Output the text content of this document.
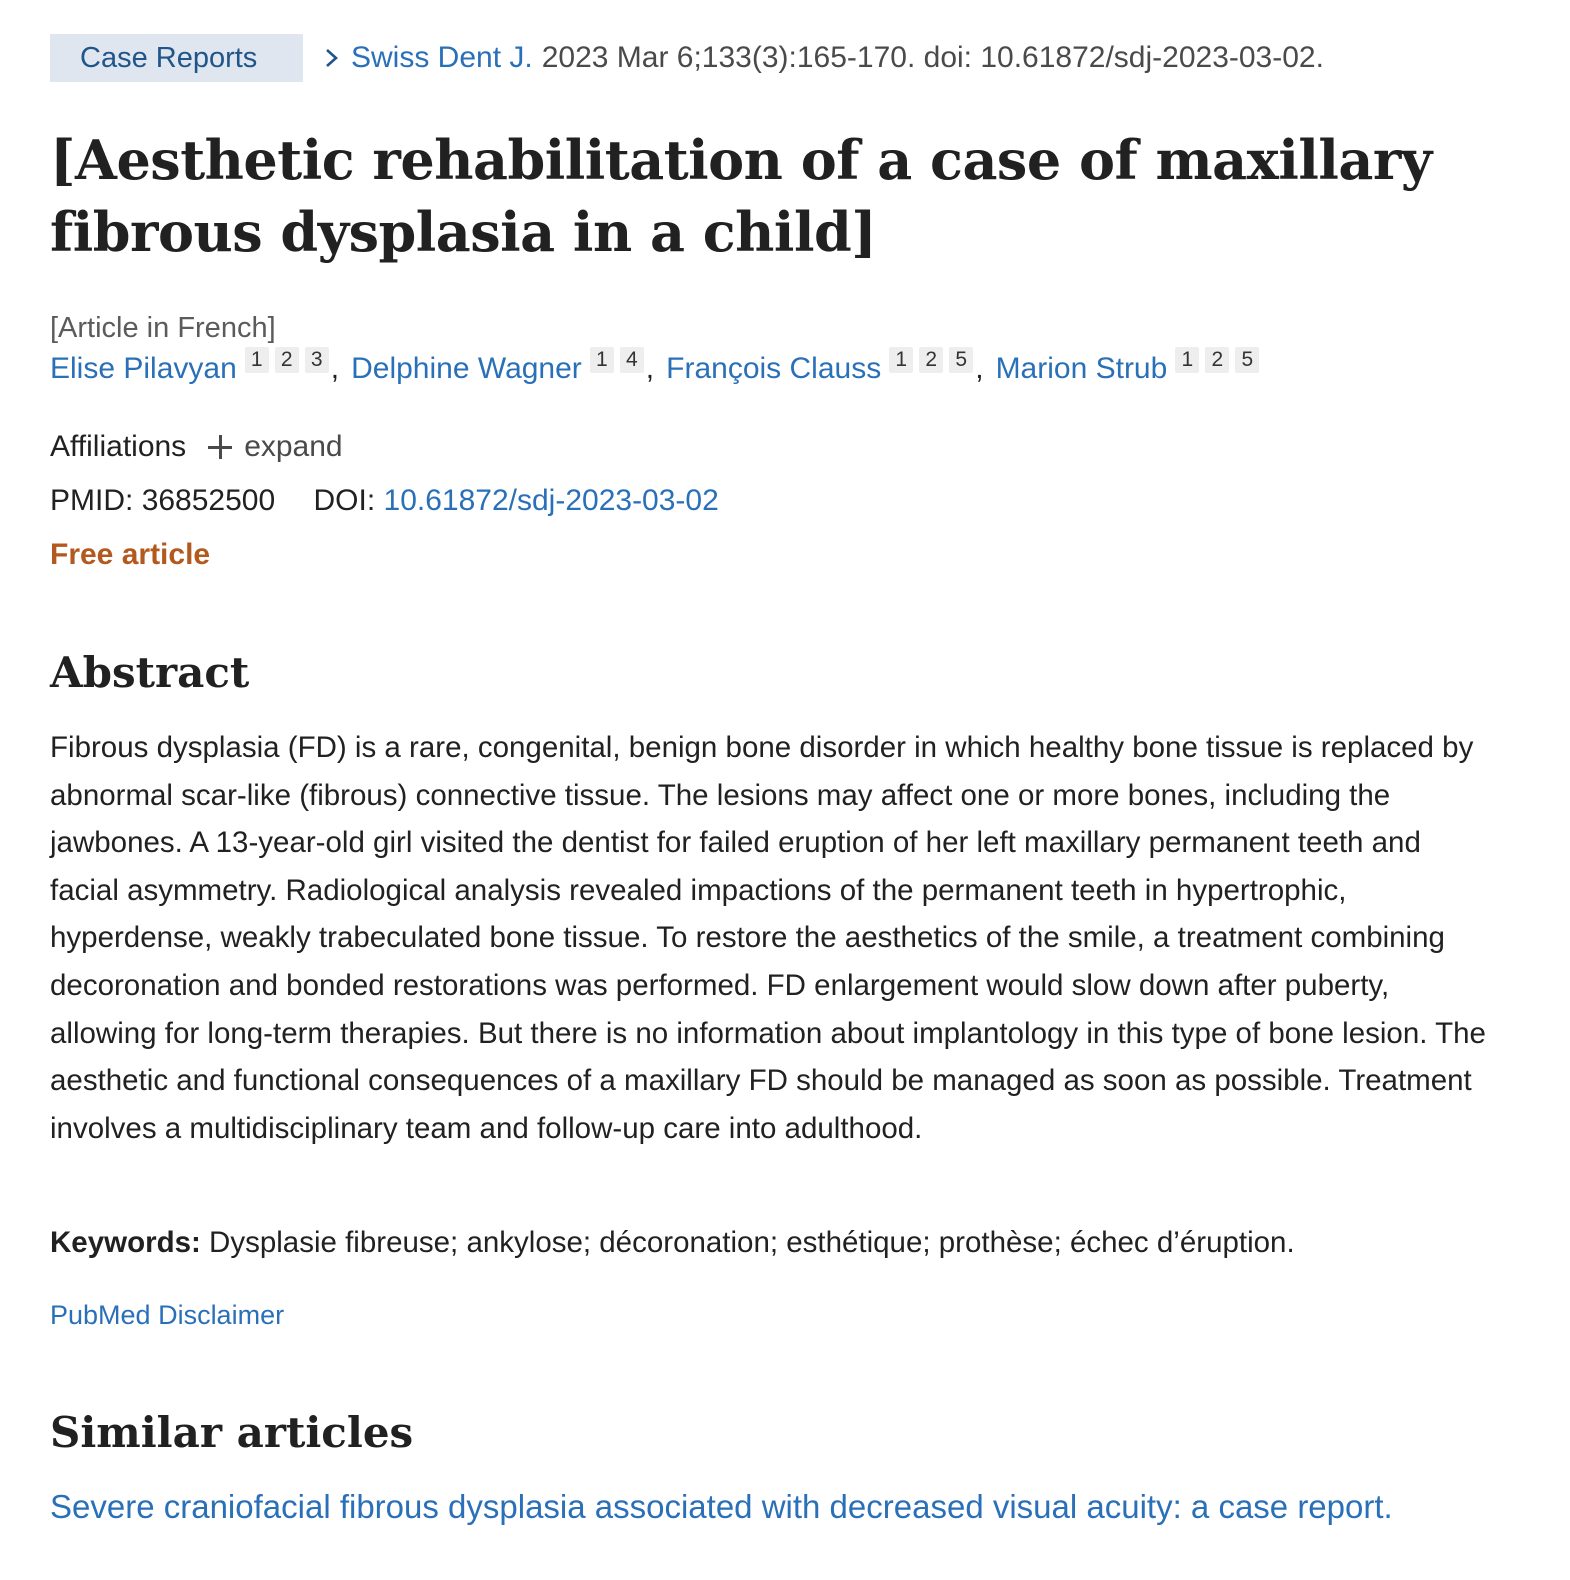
Case Reports	Swiss Dent J. 2023 Mar 6;133(3):165-170. doi: 10.61872/sdj-2023-03-02.
[Aesthetic rehabilitation of a case of maxillary fibrous dysplasia in a child]
[Article in French]
Elise Pilavyan 1 2 3 , Delphine Wagner 1 4 , François Clauss 1 2 5 , Marion Strub 1 2 5
Affiliations expand
PMID: 36852500 DOI: 10.61872/sdj-2023-03-02
Free article
Abstract

Fibrous dysplasia (FD) is a rare, congenital, benign bone disorder in which healthy bone tissue is replaced by abnormal scar-like (fibrous) connective tissue. The lesions may affect one or more bones, including the jawbones. A 13-year-old girl visited the dentist for failed eruption of her left maxillary permanent teeth and facial asymmetry. Radiological analysis revealed impactions of the permanent teeth in hypertrophic, hyperdense, weakly trabeculated bone tissue. To restore the aesthetics of the smile, a treatment combining decoronation and bonded restorations was performed. FD enlargement would slow down after puberty, allowing for long-term therapies. But there is no information about implantology in this type of bone lesion. The aesthetic and functional consequences of a maxillary FD should be managed as soon as possible. Treatment involves a multidisciplinary team and follow-up care into adulthood.

Keywords: Dysplasie fibreuse; ankylose; décoronation; esthétique; prothèse; échec d’éruption.

PubMed Disclaimer
Similar articles
Severe craniofacial fibrous dysplasia associated with decreased visual acuity: a case report.
